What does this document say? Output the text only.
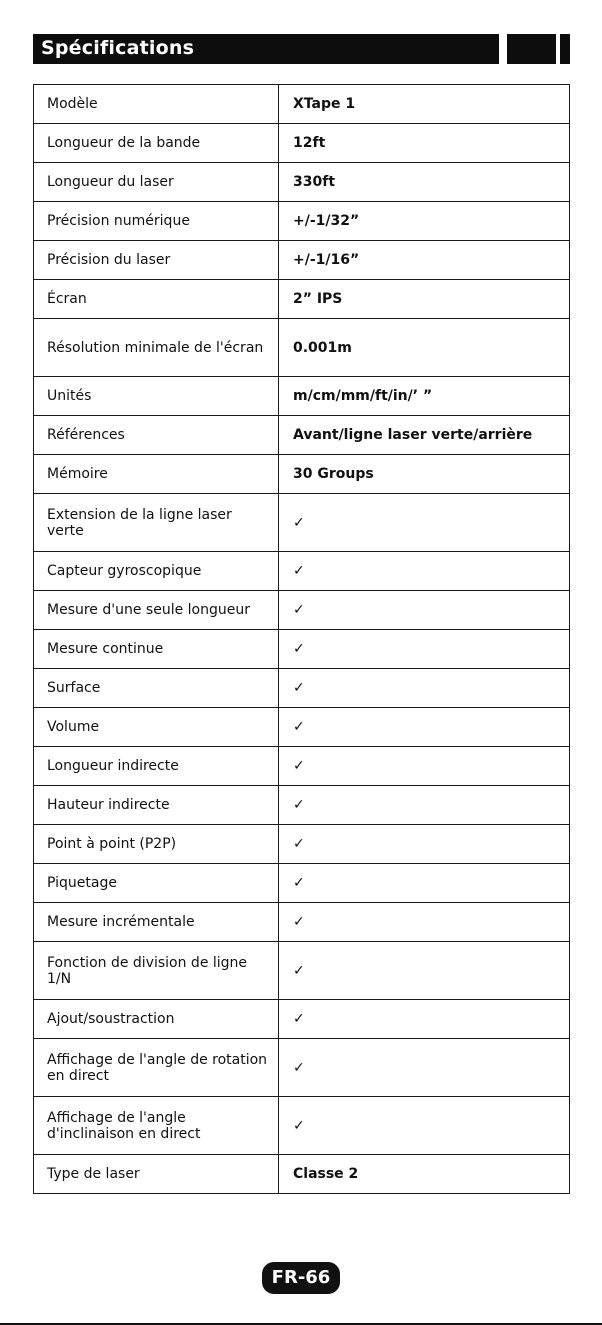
Spécifications
Modèle	XTape 1
Longueur de la bande	12ft
Longueur du laser	330ft
Précision numérique	+/-1/32”
Précision du laser	+/-1/16”
Écran	2” IPS
Résolution minimale de l'écran	0.001m
Unités	m/cm/mm/ft/in/’ ”
Références	Avant/ligne laser verte/arrière
Mémoire	30 Groups
Extension de la ligne laser verte	✓
Capteur gyroscopique	✓
Mesure d'une seule longueur	✓
Mesure continue	✓
Surface	✓
Volume	✓
Longueur indirecte	✓
Hauteur indirecte	✓
Point à point (P2P)	✓
Piquetage	✓
Mesure incrémentale	✓
Fonction de division de ligne 1/N	✓
Ajout/soustraction	✓
Affichage de l'angle de rotation en direct	✓
Affichage de l'angle d'inclinaison en direct	✓
Type de laser	Classe 2
FR-66
